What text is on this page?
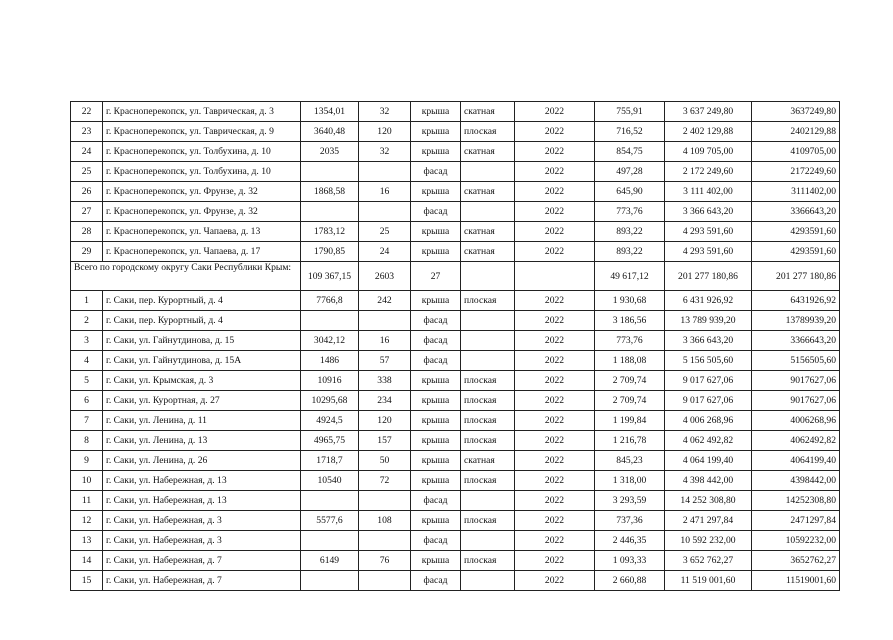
22	г. Красноперекопск, ул. Таврическая, д. 3	1354,01	32	крыша	скатная	2022	755,91	3 637 249,80	3637249,80
23	г. Красноперекопск, ул. Таврическая, д. 9	3640,48	120	крыша	плоская	2022	716,52	2 402 129,88	2402129,88
24	г. Красноперекопск, ул. Толбухина, д. 10	2035	32	крыша	скатная	2022	854,75	4 109 705,00	4109705,00
25	г. Красноперекопск, ул. Толбухина, д. 10			фасад		2022	497,28	2 172 249,60	2172249,60
26	г. Красноперекопск, ул. Фрунзе, д. 32	1868,58	16	крыша	скатная	2022	645,90	3 111 402,00	3111402,00
27	г. Красноперекопск, ул. Фрунзе, д. 32			фасад		2022	773,76	3 366 643,20	3366643,20
28	г. Красноперекопск, ул. Чапаева, д. 13	1783,12	25	крыша	скатная	2022	893,22	4 293 591,60	4293591,60
29	г. Красноперекопск, ул. Чапаева, д. 17	1790,85	24	крыша	скатная	2022	893,22	4 293 591,60	4293591,60
Всего по городскому округу Саки Республики Крым:		109 367,15	2603	27			49 617,12	201 277 180,86	201 277 180,86
1	г. Саки, пер. Курортный, д. 4	7766,8	242	крыша	плоская	2022	1 930,68	6 431 926,92	6431926,92
2	г. Саки, пер. Курортный, д. 4			фасад		2022	3 186,56	13 789 939,20	13789939,20
3	г. Саки, ул. Гайнутдинова, д. 15	3042,12	16	фасад		2022	773,76	3 366 643,20	3366643,20
4	г. Саки, ул. Гайнутдинова, д. 15А	1486	57	фасад		2022	1 188,08	5 156 505,60	5156505,60
5	г. Саки, ул. Крымская, д. 3	10916	338	крыша	плоская	2022	2 709,74	9 017 627,06	9017627,06
6	г. Саки, ул. Курортная, д. 27	10295,68	234	крыша	плоская	2022	2 709,74	9 017 627,06	9017627,06
7	г. Саки, ул. Ленина, д. 11	4924,5	120	крыша	плоская	2022	1 199,84	4 006 268,96	4006268,96
8	г. Саки, ул. Ленина, д. 13	4965,75	157	крыша	плоская	2022	1 216,78	4 062 492,82	4062492,82
9	г. Саки, ул. Ленина, д. 26	1718,7	50	крыша	скатная	2022	845,23	4 064 199,40	4064199,40
10	г. Саки, ул. Набережная, д. 13	10540	72	крыша	плоская	2022	1 318,00	4 398 442,00	4398442,00
11	г. Саки, ул. Набережная, д. 13			фасад		2022	3 293,59	14 252 308,80	14252308,80
12	г. Саки, ул. Набережная, д. 3	5577,6	108	крыша	плоская	2022	737,36	2 471 297,84	2471297,84
13	г. Саки, ул. Набережная, д. 3			фасад		2022	2 446,35	10 592 232,00	10592232,00
14	г. Саки, ул. Набережная, д. 7	6149	76	крыша	плоская	2022	1 093,33	3 652 762,27	3652762,27
15	г. Саки, ул. Набережная, д. 7			фасад		2022	2 660,88	11 519 001,60	11519001,60
